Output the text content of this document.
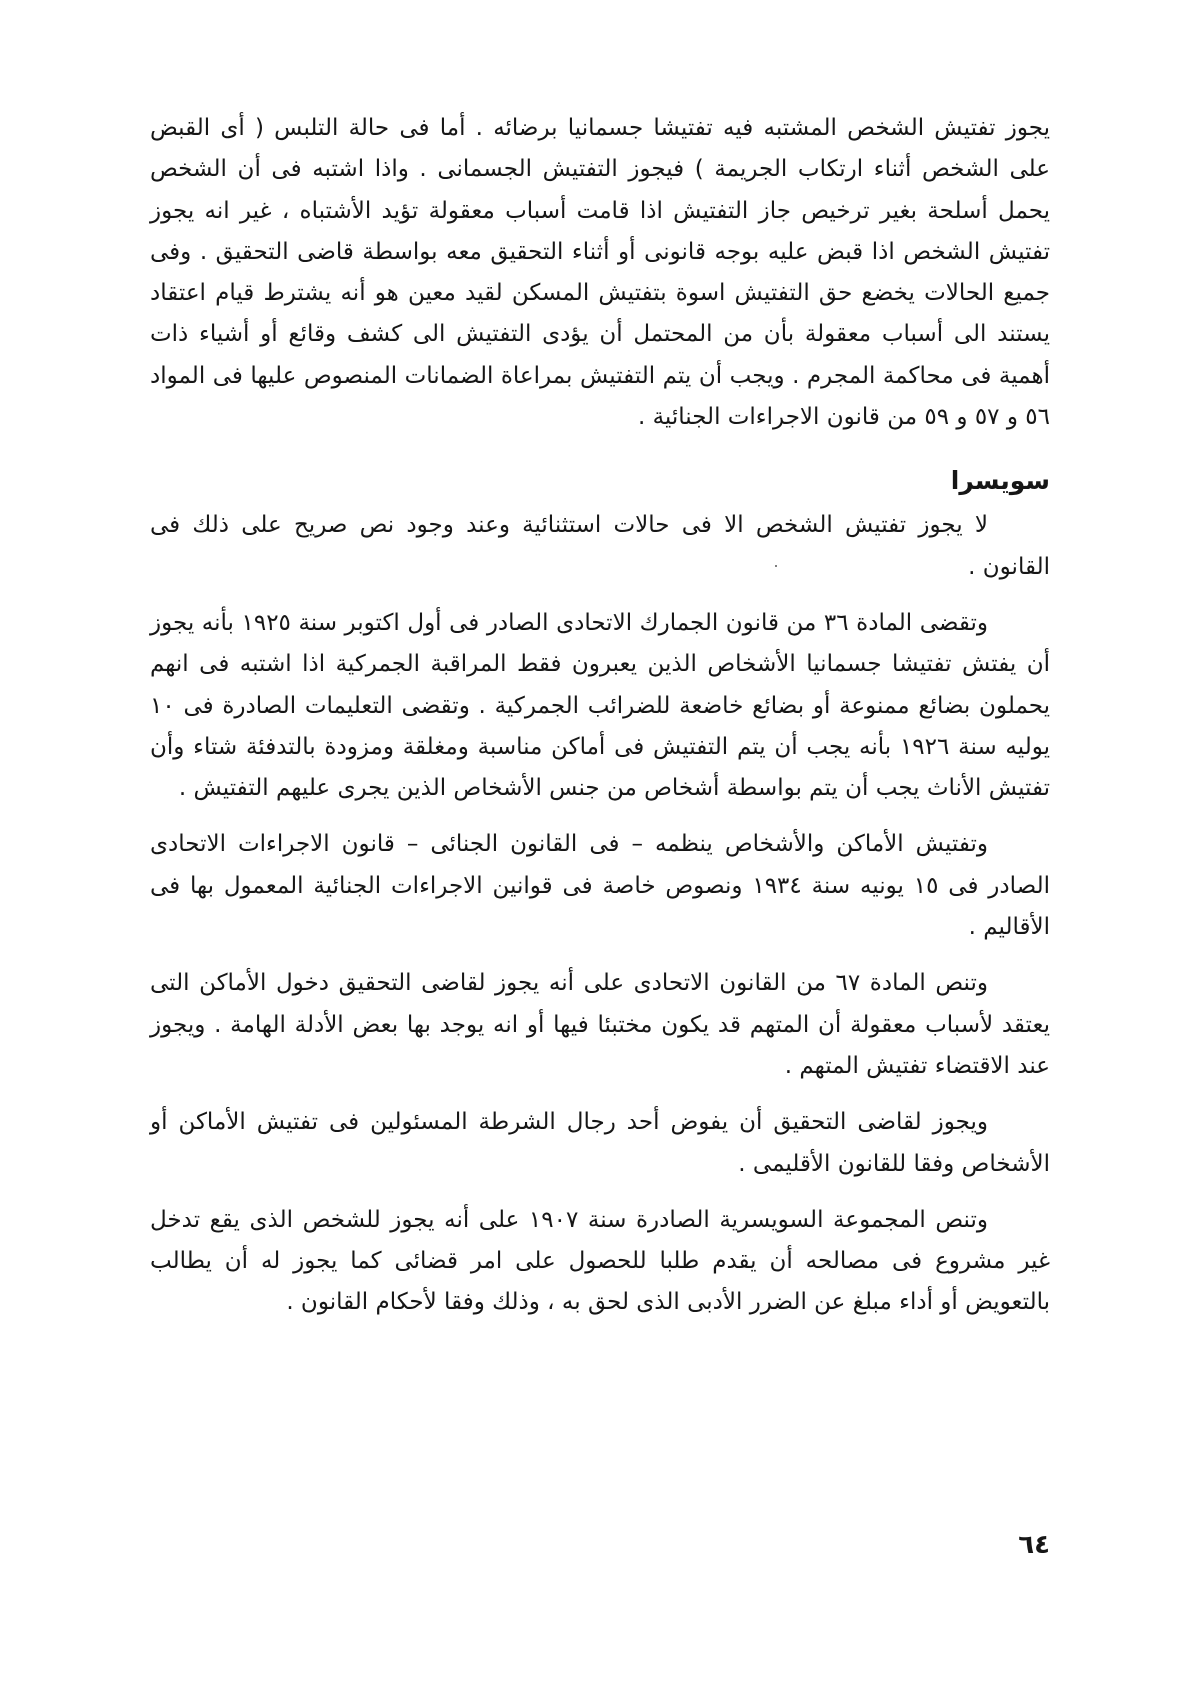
يجوز تفتيش الشخص المشتبه فيه تفتيشا جسمانيا برضائه . أما فى حالة التلبس ( أى القبض على الشخص أثناء ارتكاب الجريمة ) فيجوز التفتيش الجسمانى . واذا اشتبه فى أن الشخص يحمل أسلحة بغير ترخيص جاز التفتيش اذا قامت أسباب معقولة تؤيد الأشتباه ، غير انه يجوز تفتيش الشخص اذا قبض عليه بوجه قانونى أو أثناء التحقيق معه بواسطة قاضى التحقيق . وفى جميع الحالات يخضع حق التفتيش اسوة بتفتيش المسكن لقيد معين هو أنه يشترط قيام اعتقاد يستند الى أسباب معقولة بأن من المحتمل أن يؤدى التفتيش الى كشف وقائع أو أشياء ذات أهمية فى محاكمة المجرم . ويجب أن يتم التفتيش بمراعاة الضمانات المنصوص عليها فى المواد ٥٦ و ٥٧ و ٥٩ من قانون الاجراءات الجنائية .

سويسرا

لا يجوز تفتيش الشخص الا فى حالات استثنائية وعند وجود نص صريح على ذلك فى القانون .

وتقضى المادة ٣٦ من قانون الجمارك الاتحادى الصادر فى أول اكتوبر سنة ١٩٢٥ بأنه يجوز أن يفتش تفتيشا جسمانيا الأشخاص الذين يعبرون فقط المراقبة الجمركية اذا اشتبه فى انهم يحملون بضائع ممنوعة أو بضائع خاضعة للضرائب الجمركية . وتقضى التعليمات الصادرة فى ١٠ يوليه سنة ١٩٢٦ بأنه يجب أن يتم التفتيش فى أماكن مناسبة ومغلقة ومزودة بالتدفئة شتاء وأن تفتيش الأناث يجب أن يتم بواسطة أشخاص من جنس الأشخاص الذين يجرى عليهم التفتيش .

وتفتيش الأماكن والأشخاص ينظمه – فى القانون الجنائى – قانون الاجراءات الاتحادى الصادر فى ١٥ يونيه سنة ١٩٣٤ ونصوص خاصة فى قوانين الاجراءات الجنائية المعمول بها فى الأقاليم .

وتنص المادة ٦٧ من القانون الاتحادى على أنه يجوز لقاضى التحقيق دخول الأماكن التى يعتقد لأسباب معقولة أن المتهم قد يكون مختبئا فيها أو انه يوجد بها بعض الأدلة الهامة . ويجوز عند الاقتضاء تفتيش المتهم .

ويجوز لقاضى التحقيق أن يفوض أحد رجال الشرطة المسئولين فى تفتيش الأماكن أو الأشخاص وفقا للقانون الأقليمى .

وتنص المجموعة السويسرية الصادرة سنة ١٩٠٧ على أنه يجوز للشخص الذى يقع تدخل غير مشروع فى مصالحه أن يقدم طلبا للحصول على امر قضائى كما يجوز له أن يطالب بالتعويض أو أداء مبلغ عن الضرر الأدبى الذى لحق به ، وذلك وفقا لأحكام القانون .

٦٤
